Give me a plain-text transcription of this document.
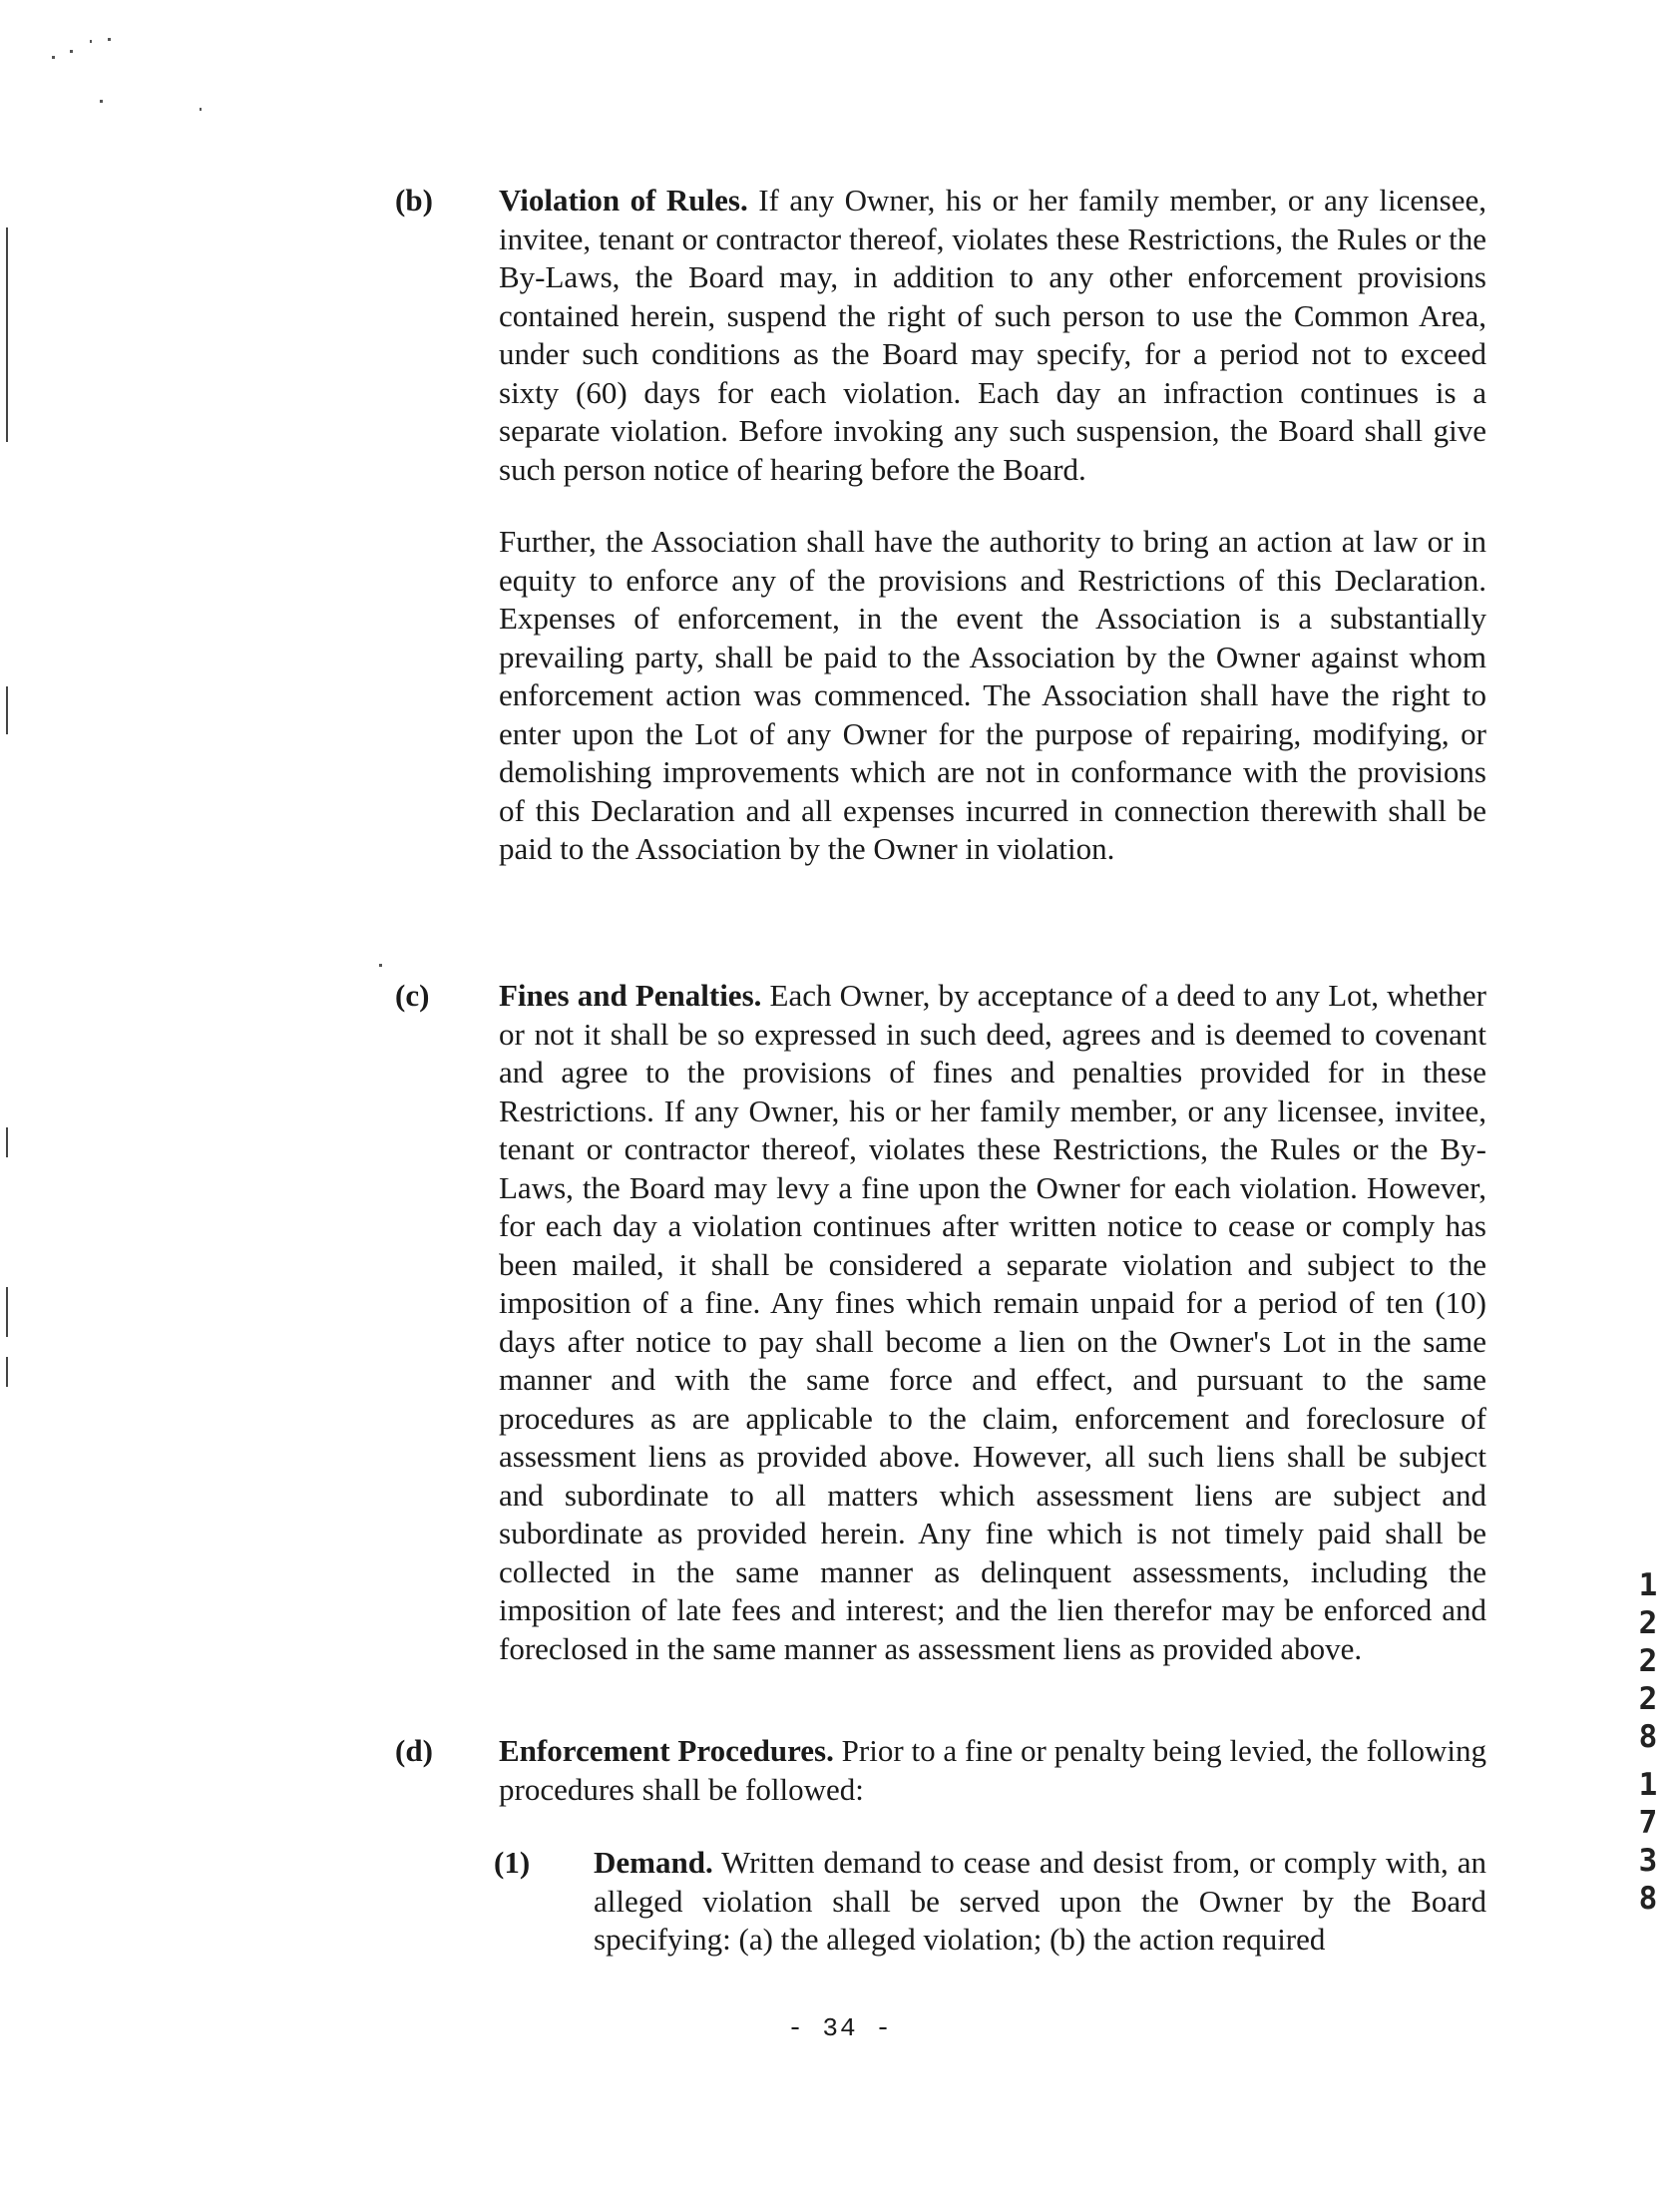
(b) Violation of Rules. If any Owner, his or her family member, or any licensee, invitee, tenant or contractor thereof, violates these Restrictions, the Rules or the By-Laws, the Board may, in addition to any other enforcement provisions contained herein, suspend the right of such person to use the Common Area, under such conditions as the Board may specify, for a period not to exceed sixty (60) days for each violation. Each day an infraction continues is a separate violation. Before invoking any such suspension, the Board shall give such person notice of hearing before the Board.
Further, the Association shall have the authority to bring an action at law or in equity to enforce any of the provisions and Restrictions of this Declaration. Expenses of enforcement, in the event the Association is a substantially prevailing party, shall be paid to the Association by the Owner against whom enforcement action was commenced. The Association shall have the right to enter upon the Lot of any Owner for the purpose of repairing, modifying, or demolishing improvements which are not in conformance with the provisions of this Declaration and all expenses incurred in connection therewith shall be paid to the Association by the Owner in violation.
(c) Fines and Penalties. Each Owner, by acceptance of a deed to any Lot, whether or not it shall be so expressed in such deed, agrees and is deemed to covenant and agree to the provisions of fines and penalties provided for in these Restrictions. If any Owner, his or her family member, or any licensee, invitee, tenant or contractor thereof, violates these Restrictions, the Rules or the By-Laws, the Board may levy a fine upon the Owner for each violation. However, for each day a violation continues after written notice to cease or comply has been mailed, it shall be considered a separate violation and subject to the imposition of a fine. Any fines which remain unpaid for a period of ten (10) days after notice to pay shall become a lien on the Owner's Lot in the same manner and with the same force and effect, and pursuant to the same procedures as are applicable to the claim, enforcement and foreclosure of assessment liens as provided above. However, all such liens shall be subject and subordinate to all matters which assessment liens are subject and subordinate as provided herein. Any fine which is not timely paid shall be collected in the same manner as delinquent assessments, including the imposition of late fees and interest; and the lien therefor may be enforced and foreclosed in the same manner as assessment liens as provided above.
(d) Enforcement Procedures. Prior to a fine or penalty being levied, the following procedures shall be followed:
(1) Demand. Written demand to cease and desist from, or comply with, an alleged violation shall be served upon the Owner by the Board specifying: (a) the alleged violation; (b) the action required
1
2
2
2
8
1
7
3
8
- 34 -
